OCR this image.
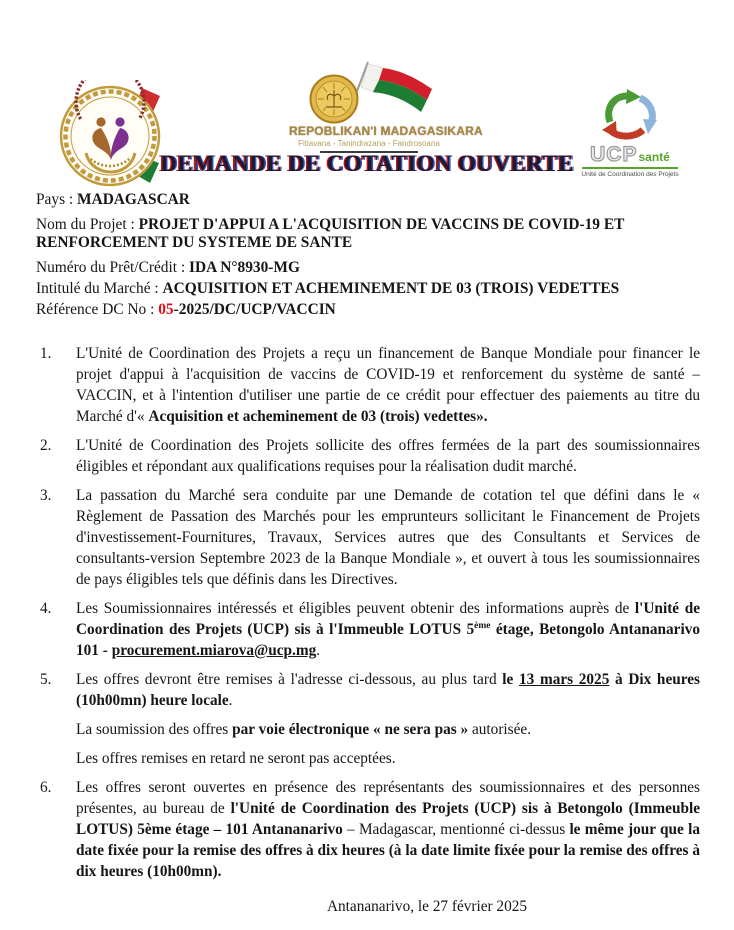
REPOBLIKAN'I MADAGASIKARA
Fitiavana - Tanindrazana - Fandrosoana	UCPsanté
Unité de Coordination des Projets
DEMANDE DE COTATION OUVERTE
Pays : MADAGASCAR
Nom du Projet : PROJET D'APPUI A L'ACQUISITION DE VACCINS DE COVID-19 ET RENFORCEMENT DU SYSTEME DE SANTE
Numéro du Prêt/Crédit : IDA N°8930-MG
Intitulé du Marché : ACQUISITION ET ACHEMINEMENT DE 03 (TROIS) VEDETTES
Référence DC No : 05-2025/DC/UCP/VACCIN
1.	L'Unité de Coordination des Projets a reçu un financement de Banque Mondiale pour financer le projet d'appui à l'acquisition de vaccins de COVID-19 et renforcement du système de santé – VACCIN, et à l'intention d'utiliser une partie de ce crédit pour effectuer des paiements au titre du Marché d'« Acquisition et acheminement de 03 (trois) vedettes».
2.	L'Unité de Coordination des Projets sollicite des offres fermées de la part des soumissionnaires éligibles et répondant aux qualifications requises pour la réalisation dudit marché.
3.	La passation du Marché sera conduite par une Demande de cotation tel que défini dans le « Règlement de Passation des Marchés pour les emprunteurs sollicitant le Financement de Projets d'investissement-Fournitures, Travaux, Services autres que des Consultants et Services de consultants-version Septembre 2023 de la Banque Mondiale », et ouvert à tous les soumissionnaires de pays éligibles tels que définis dans les Directives.
4.	Les Soumissionnaires intéressés et éligibles peuvent obtenir des informations auprès de l'Unité de Coordination des Projets (UCP) sis à l'Immeuble LOTUS 5ème étage, Betongolo Antananarivo 101 - procurement.miarova@ucp.mg.
5.	Les offres devront être remises à l'adresse ci-dessous, au plus tard le 13 mars 2025 à Dix heures (10h00mn) heure locale.
La soumission des offres par voie électronique « ne sera pas » autorisée.
Les offres remises en retard ne seront pas acceptées.
6.	Les offres seront ouvertes en présence des représentants des soumissionnaires et des personnes présentes, au bureau de l'Unité de Coordination des Projets (UCP) sis à Betongolo (Immeuble LOTUS) 5ème étage – 101 Antananarivo – Madagascar, mentionné ci-dessus le même jour que la date fixée pour la remise des offres à dix heures (à la date limite fixée pour la remise des offres à dix heures (10h00mn).
Antananarivo, le 27 février 2025
